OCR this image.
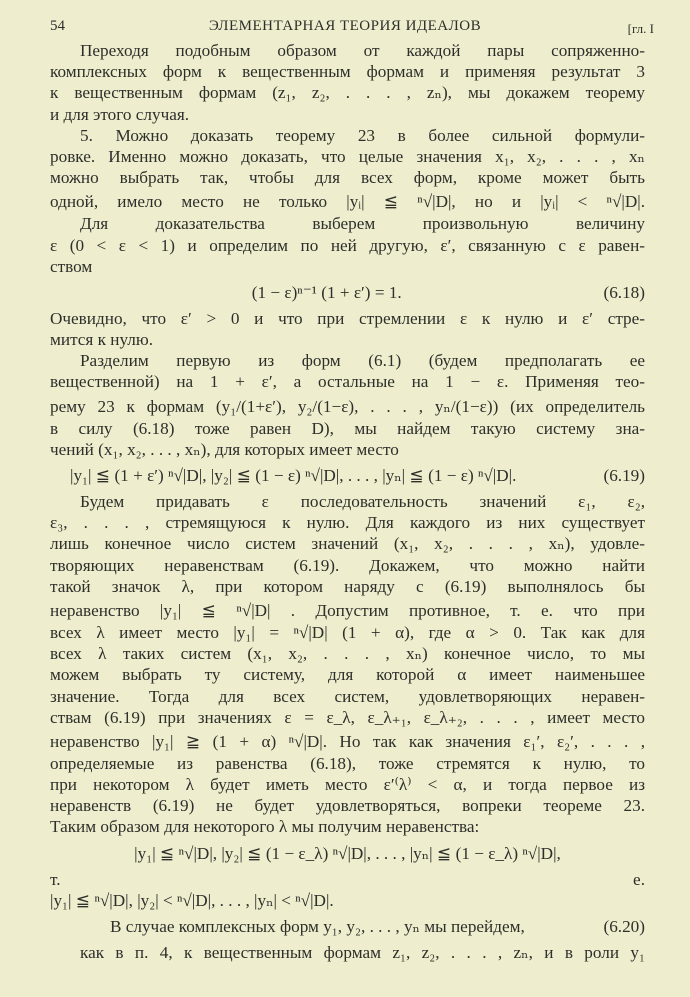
54	ЭЛЕМЕНТАРНАЯ ТЕОРИЯ ИДЕАЛОВ	[гл. I
Переходя подобным образом от каждой пары сопряженно-
комплексных форм к вещественным формам и применяя результат 3
к вещественным формам (z₁, z₂, . . . , zₙ), мы докажем теорему
и для этого случая.
5. Можно доказать теорему 23 в более сильной формули-
ровке. Именно можно доказать, что целые значения x₁, x₂, . . . , xₙ
можно выбрать так, чтобы для всех форм, кроме может быть
одной, имело место не только |yᵢ| ≦ ⁿ√|D|, но и |yᵢ| < ⁿ√|D|.
Для доказательства выберем произвольную величину
ε (0 < ε < 1) и определим по ней другую, ε′, связанную с ε равен-
ством
(6.18)
(1 − ε)ⁿ⁻¹ (1 + ε′) = 1.
Очевидно, что ε′ > 0 и что при стремлении ε к нулю и ε′ стре-
мится к нулю.
Разделим первую из форм (6.1) (будем предполагать ее
вещественной) на 1 + ε′, а остальные на 1 − ε. Применяя тео-
рему 23 к формам (y₁/(1+ε′), y₂/(1−ε), . . . , yₙ/(1−ε)) (их определитель
в силу (6.18) тоже равен D), мы найдем такую систему зна-
чений (x₁, x₂, . . . , xₙ), для которых имеет место
(6.19)
|y₁| ≦ (1 + ε′) ⁿ√|D|, |y₂| ≦ (1 − ε) ⁿ√|D|, . . . , |yₙ| ≦ (1 − ε) ⁿ√|D|.
Будем придавать ε последовательность значений ε₁, ε₂,
ε₃, . . . , стремящуюся к нулю. Для каждого из них существует
лишь конечное число систем значений (x₁, x₂, . . . , xₙ), удовле-
творяющих неравенствам (6.19). Докажем, что можно найти
такой значок λ, при котором наряду с (6.19) выполнялось бы
неравенство |y₁| ≦ ⁿ√|D| . Допустим противное, т. е. что при
всех λ имеет место |y₁| = ⁿ√|D| (1 + α), где α > 0. Так как для
всех λ таких систем (x₁, x₂, . . . , xₙ) конечное число, то мы
можем выбрать ту систему, для которой α имеет наименьшее
значение. Тогда для всех систем, удовлетворяющих неравен-
ствам (6.19) при значениях ε = ε_λ, ε_λ₊₁, ε_λ₊₂, . . . , имеет место
неравенство |y₁| ≧ (1 + α) ⁿ√|D|. Но так как значения ε₁′, ε₂′, . . . ,
определяемые из равенства (6.18), тоже стремятся к нулю, то
при некотором λ будет иметь место ε′⁽λ⁾ < α, и тогда первое из
неравенств (6.19) не будет удовлетворяться, вопреки теореме 23.
Таким образом для некоторого λ мы получим неравенства:
|y₁| ≦ ⁿ√|D|, |y₂| ≦ (1 − ε_λ) ⁿ√|D|, . . . , |yₙ| ≦ (1 − ε_λ) ⁿ√|D|,
т. е.
|y₁| ≦ ⁿ√|D|, |y₂| < ⁿ√|D|, . . . , |yₙ| < ⁿ√|D|.
(6.20)
В случае комплексных форм y₁, y₂, . . . , yₙ мы перейдем,
как в п. 4, к вещественным формам z₁, z₂, . . . , zₙ, и в роли y₁
